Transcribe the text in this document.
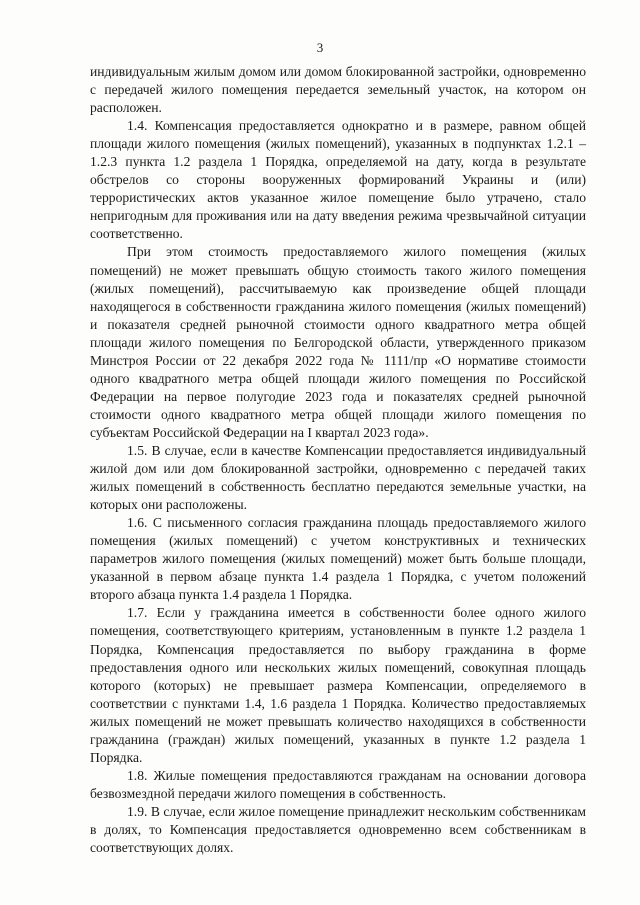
3

индивидуальным жилым домом или домом блокированной застройки, одновременно с передачей жилого помещения передается земельный участок, на котором он расположен.

1.4. Компенсация предоставляется однократно и в размере, равном общей площади жилого помещения (жилых помещений), указанных в подпунктах 1.2.1 – 1.2.3 пункта 1.2 раздела 1 Порядка, определяемой на дату, когда в результате обстрелов со стороны вооруженных формирований Украины и (или) террористических актов указанное жилое помещение было утрачено, стало непригодным для проживания или на дату введения режима чрезвычайной ситуации соответственно.

При этом стоимость предоставляемого жилого помещения (жилых помещений) не может превышать общую стоимость такого жилого помещения (жилых помещений), рассчитываемую как произведение общей площади находящегося в собственности гражданина жилого помещения (жилых помещений) и показателя средней рыночной стоимости одного квадратного метра общей площади жилого помещения по Белгородской области, утвержденного приказом Минстроя России от 22 декабря 2022 года № 1111/пр «О нормативе стоимости одного квадратного метра общей площади жилого помещения по Российской Федерации на первое полугодие 2023 года и показателях средней рыночной стоимости одного квадратного метра общей площади жилого помещения по субъектам Российской Федерации на I квартал 2023 года».

1.5. В случае, если в качестве Компенсации предоставляется индивидуальный жилой дом или дом блокированной застройки, одновременно с передачей таких жилых помещений в собственность бесплатно передаются земельные участки, на которых они расположены.

1.6. С письменного согласия гражданина площадь предоставляемого жилого помещения (жилых помещений) с учетом конструктивных и технических параметров жилого помещения (жилых помещений) может быть больше площади, указанной в первом абзаце пункта 1.4 раздела 1 Порядка, с учетом положений второго абзаца пункта 1.4 раздела 1 Порядка.

1.7. Если у гражданина имеется в собственности более одного жилого помещения, соответствующего критериям, установленным в пункте 1.2 раздела 1 Порядка, Компенсация предоставляется по выбору гражданина в форме предоставления одного или нескольких жилых помещений, совокупная площадь которого (которых) не превышает размера Компенсации, определяемого в соответствии с пунктами 1.4, 1.6 раздела 1 Порядка. Количество предоставляемых жилых помещений не может превышать количество находящихся в собственности гражданина (граждан) жилых помещений, указанных в пункте 1.2 раздела 1 Порядка.

1.8. Жилые помещения предоставляются гражданам на основании договора безвозмездной передачи жилого помещения в собственность.

1.9. В случае, если жилое помещение принадлежит нескольким собственникам в долях, то Компенсация предоставляется одновременно всем собственникам в соответствующих долях.
